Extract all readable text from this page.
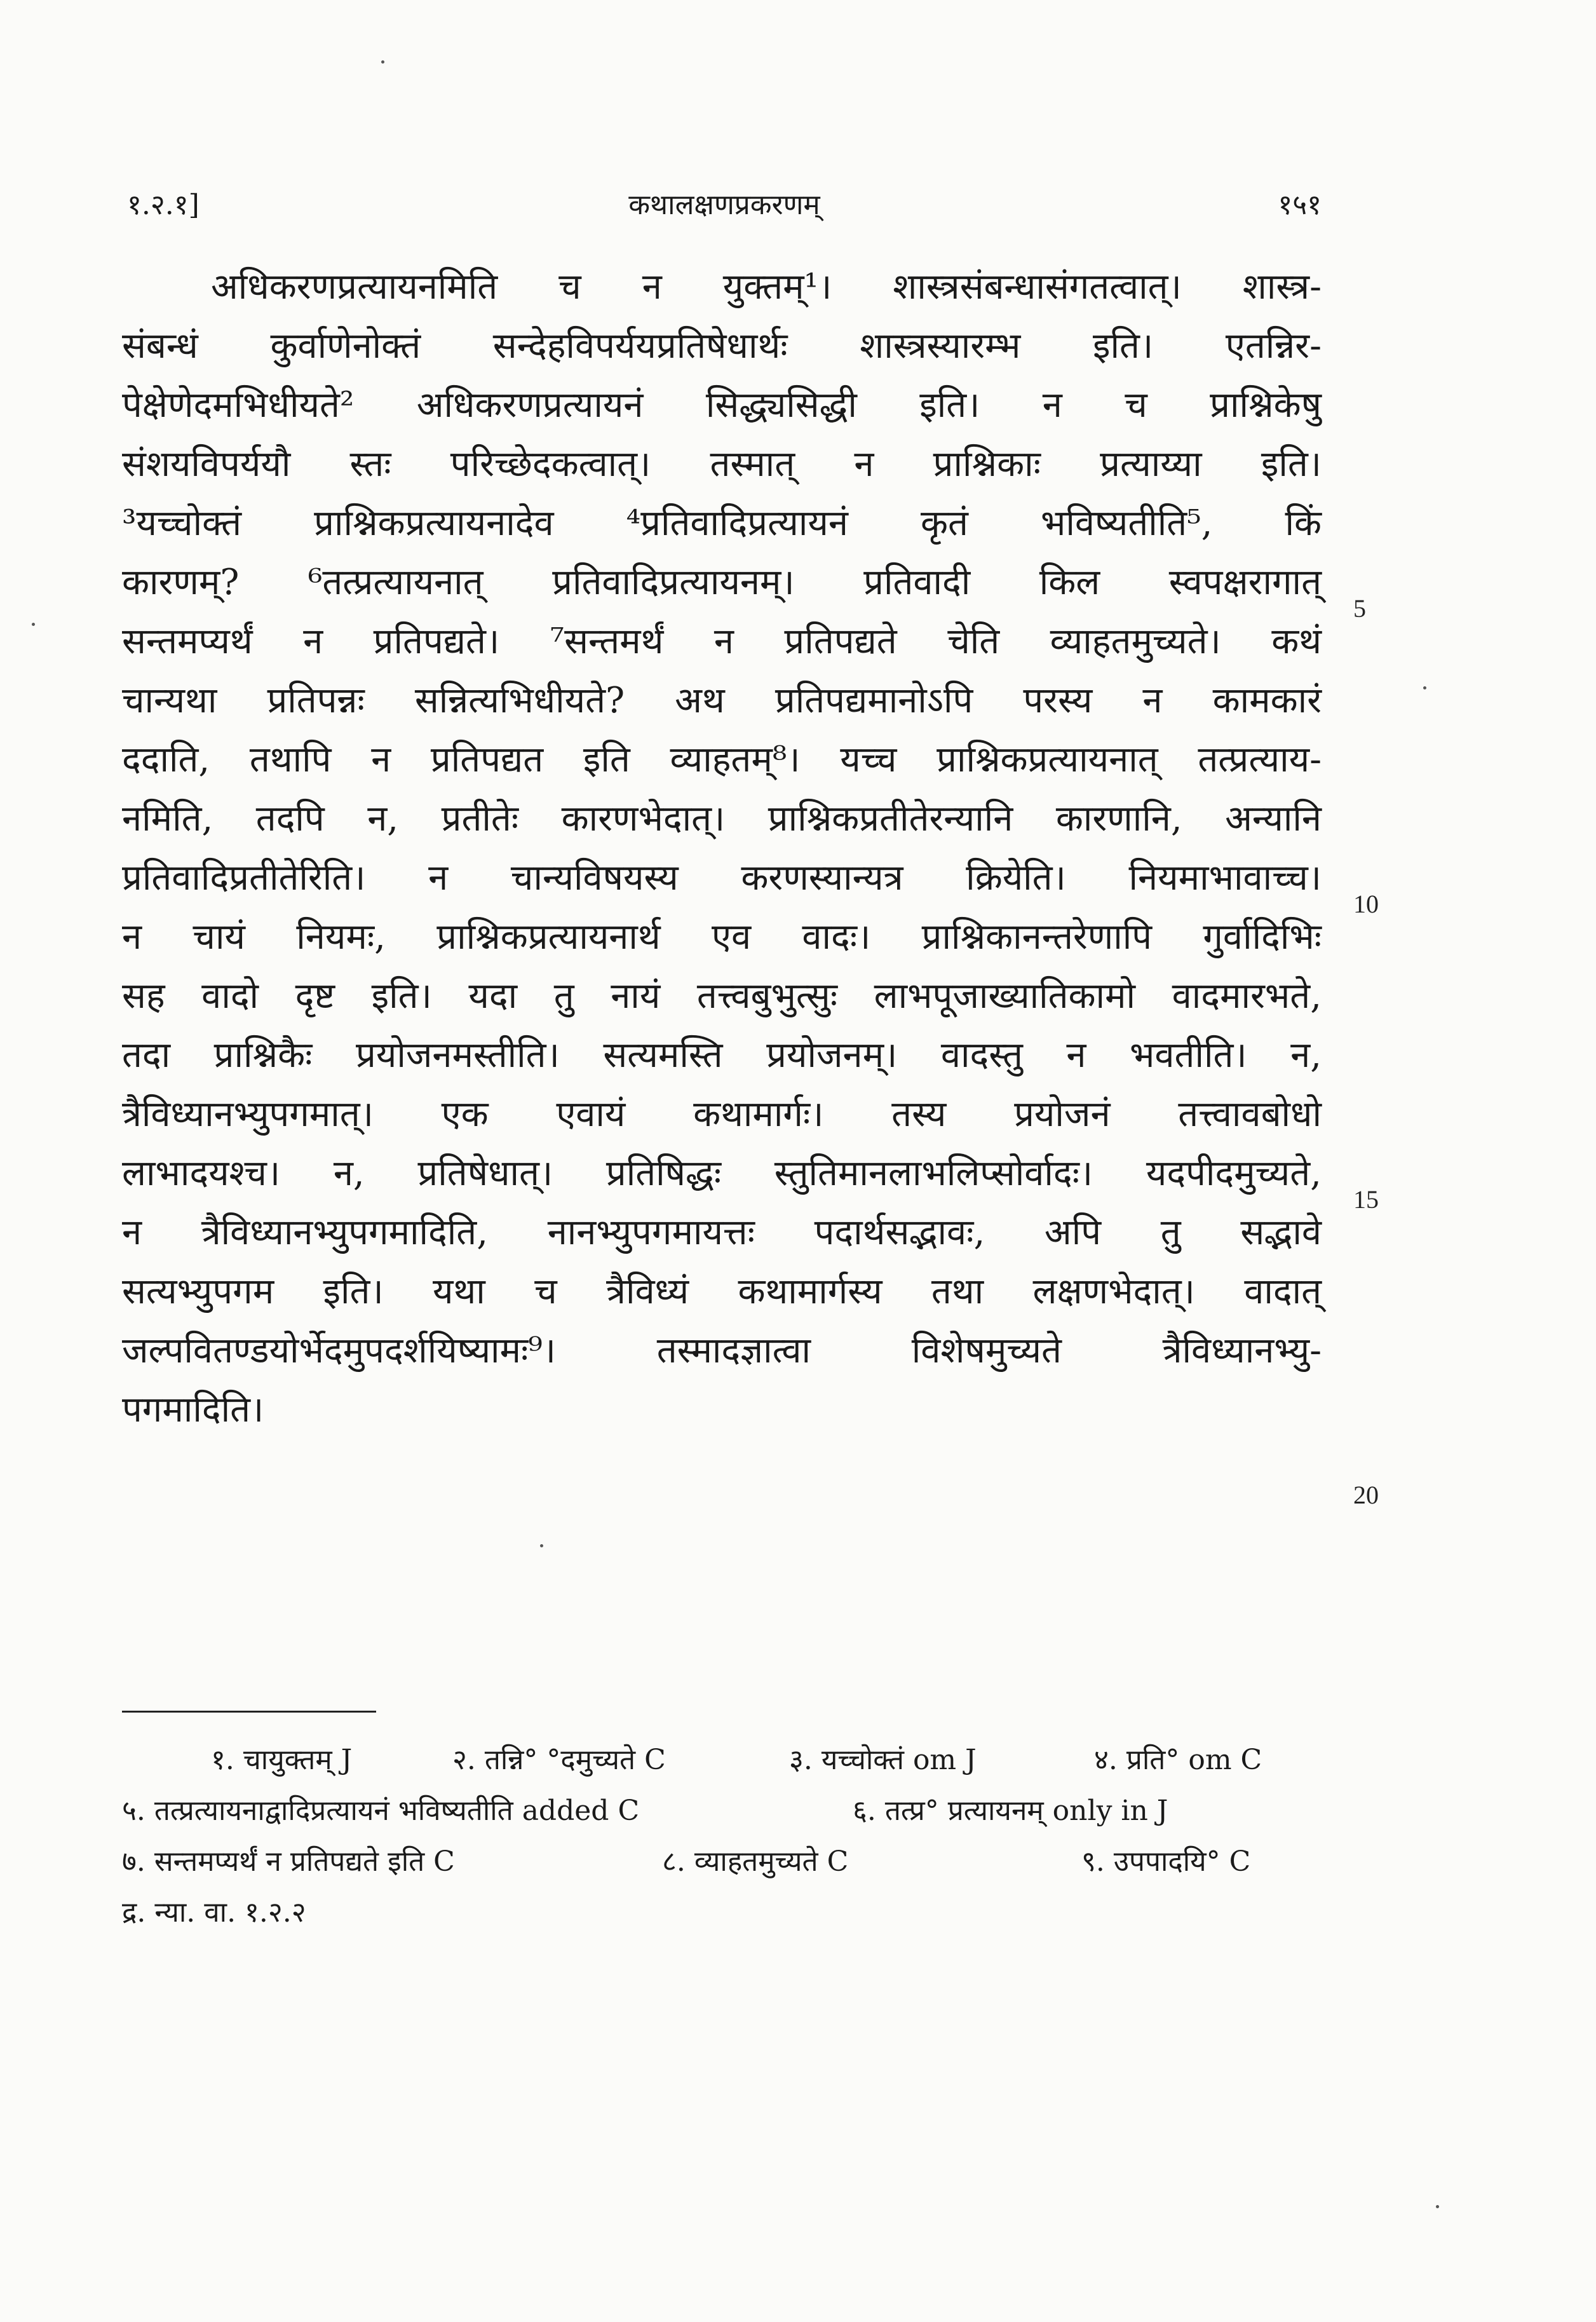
१.२.१]	कथालक्षणप्रकरणम्	१५१
अधिकरणप्रत्यायनमिति च न युक्तम्¹। शास्त्रसंबन्धासंगतत्वात्। शास्त्र-
संबन्धं कुर्वाणेनोक्तं सन्देहविपर्ययप्रतिषेधार्थः शास्त्रस्यारम्भ इति। एतन्निर-
पेक्षेणेदमभिधीयते² अधिकरणप्रत्यायनं सिद्ध्यसिद्धी इति। न च प्राश्निकेषु
संशयविपर्ययौ स्तः परिच्छेदकत्वात्। तस्मात् न प्राश्निकाः प्रत्याय्या इति।
³यच्चोक्तं प्राश्निकप्रत्यायनादेव ⁴प्रतिवादिप्रत्यायनं कृतं भविष्यतीति⁵, किं
कारणम्? ⁶तत्प्रत्यायनात् प्रतिवादिप्रत्यायनम्। प्रतिवादी किल स्वपक्षरागात्
सन्तमप्यर्थं न प्रतिपद्यते। ⁷सन्तमर्थं न प्रतिपद्यते चेति व्याहतमुच्यते। कथं
चान्यथा प्रतिपन्नः सन्नित्यभिधीयते? अथ प्रतिपद्यमानोऽपि परस्य न कामकारं
ददाति, तथापि न प्रतिपद्यत इति व्याहतम्⁸। यच्च प्राश्निकप्रत्यायनात् तत्प्रत्याय-
नमिति, तदपि न, प्रतीतेः कारणभेदात्। प्राश्निकप्रतीतेरन्यानि कारणानि, अन्यानि
प्रतिवादिप्रतीतेरिति। न चान्यविषयस्य करणस्यान्यत्र क्रियेति। नियमाभावाच्च।
न चायं नियमः, प्राश्निकप्रत्यायनार्थ एव वादः। प्राश्निकानन्तरेणापि गुर्वादिभिः
सह वादो दृष्ट इति। यदा तु नायं तत्त्वबुभुत्सुः लाभपूजाख्यातिकामो वादमारभते,
तदा प्राश्निकैः प्रयोजनमस्तीति। सत्यमस्ति प्रयोजनम्। वादस्तु न भवतीति। न,
त्रैविध्यानभ्युपगमात्। एक एवायं कथामार्गः। तस्य प्रयोजनं तत्त्वावबोधो
लाभादयश्च। न, प्रतिषेधात्। प्रतिषिद्धः स्तुतिमानलाभलिप्सोर्वादः। यदपीदमुच्यते,
न त्रैविध्यानभ्युपगमादिति, नानभ्युपगमायत्तः पदार्थसद्भावः, अपि तु सद्भावे
सत्यभ्युपगम इति। यथा च त्रैविध्यं कथामार्गस्य तथा लक्षणभेदात्। वादात्
जल्पवितण्डयोर्भेदमुपदर्शयिष्यामः⁹। तस्मादज्ञात्वा विशेषमुच्यते त्रैविध्यानभ्यु-
पगमादिति।
5
10
15
20
१. चायुक्तम् J	२. तन्नि° °दमुच्यते C	३. यच्चोक्तं om J	४. प्रति° om C
५. तत्प्रत्यायनाद्वादिप्रत्यायनं भविष्यतीति added C	६. तत्प्र° प्रत्यायनम् only in J
७. सन्तमप्यर्थं न प्रतिपद्यते इति C	८. व्याहतमुच्यते C	९. उपपादयि° C
द्र. न्या. वा. १.२.२
